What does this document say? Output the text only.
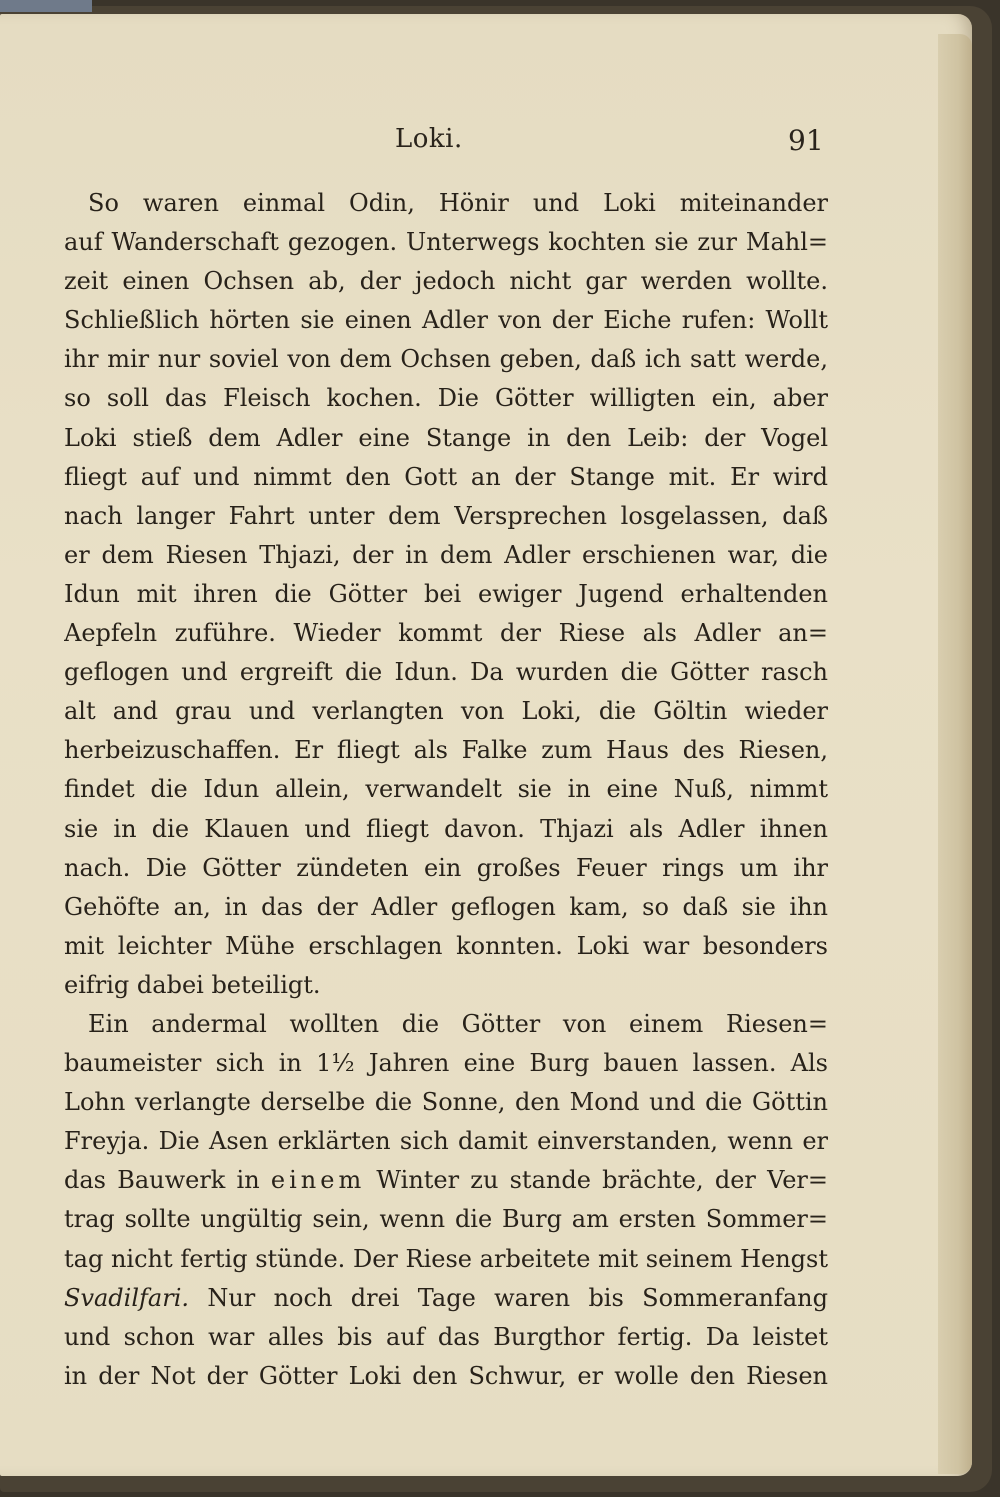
Loki.	91
So waren einmal Odin, Hönir und Loki miteinander
auf Wanderschaft gezogen. Unterwegs kochten sie zur Mahl=
zeit einen Ochsen ab, der jedoch nicht gar werden wollte.
Schließlich hörten sie einen Adler von der Eiche rufen: Wollt
ihr mir nur soviel von dem Ochsen geben, daß ich satt werde,
so soll das Fleisch kochen. Die Götter willigten ein, aber
Loki stieß dem Adler eine Stange in den Leib: der Vogel
fliegt auf und nimmt den Gott an der Stange mit. Er wird
nach langer Fahrt unter dem Versprechen losgelassen, daß
er dem Riesen Thjazi, der in dem Adler erschienen war, die
Idun mit ihren die Götter bei ewiger Jugend erhaltenden
Aepfeln zuführe. Wieder kommt der Riese als Adler an=
geflogen und ergreift die Idun. Da wurden die Götter rasch
alt and grau und verlangten von Loki, die Göltin wieder
herbeizuschaffen. Er fliegt als Falke zum Haus des Riesen,
findet die Idun allein, verwandelt sie in eine Nuß, nimmt
sie in die Klauen und fliegt davon. Thjazi als Adler ihnen
nach. Die Götter zündeten ein großes Feuer rings um ihr
Gehöfte an, in das der Adler geflogen kam, so daß sie ihn
mit leichter Mühe erschlagen konnten. Loki war besonders
eifrig dabei beteiligt.
Ein andermal wollten die Götter von einem Riesen=
baumeister sich in 1½ Jahren eine Burg bauen lassen. Als
Lohn verlangte derselbe die Sonne, den Mond und die Göttin
Freyja. Die Asen erklärten sich damit einverstanden, wenn er
das Bauwerk in einem Winter zu stande brächte, der Ver=
trag sollte ungültig sein, wenn die Burg am ersten Sommer=
tag nicht fertig stünde. Der Riese arbeitete mit seinem Hengst
Svadilfari. Nur noch drei Tage waren bis Sommeranfang
und schon war alles bis auf das Burgthor fertig. Da leistet
in der Not der Götter Loki den Schwur, er wolle den Riesen
